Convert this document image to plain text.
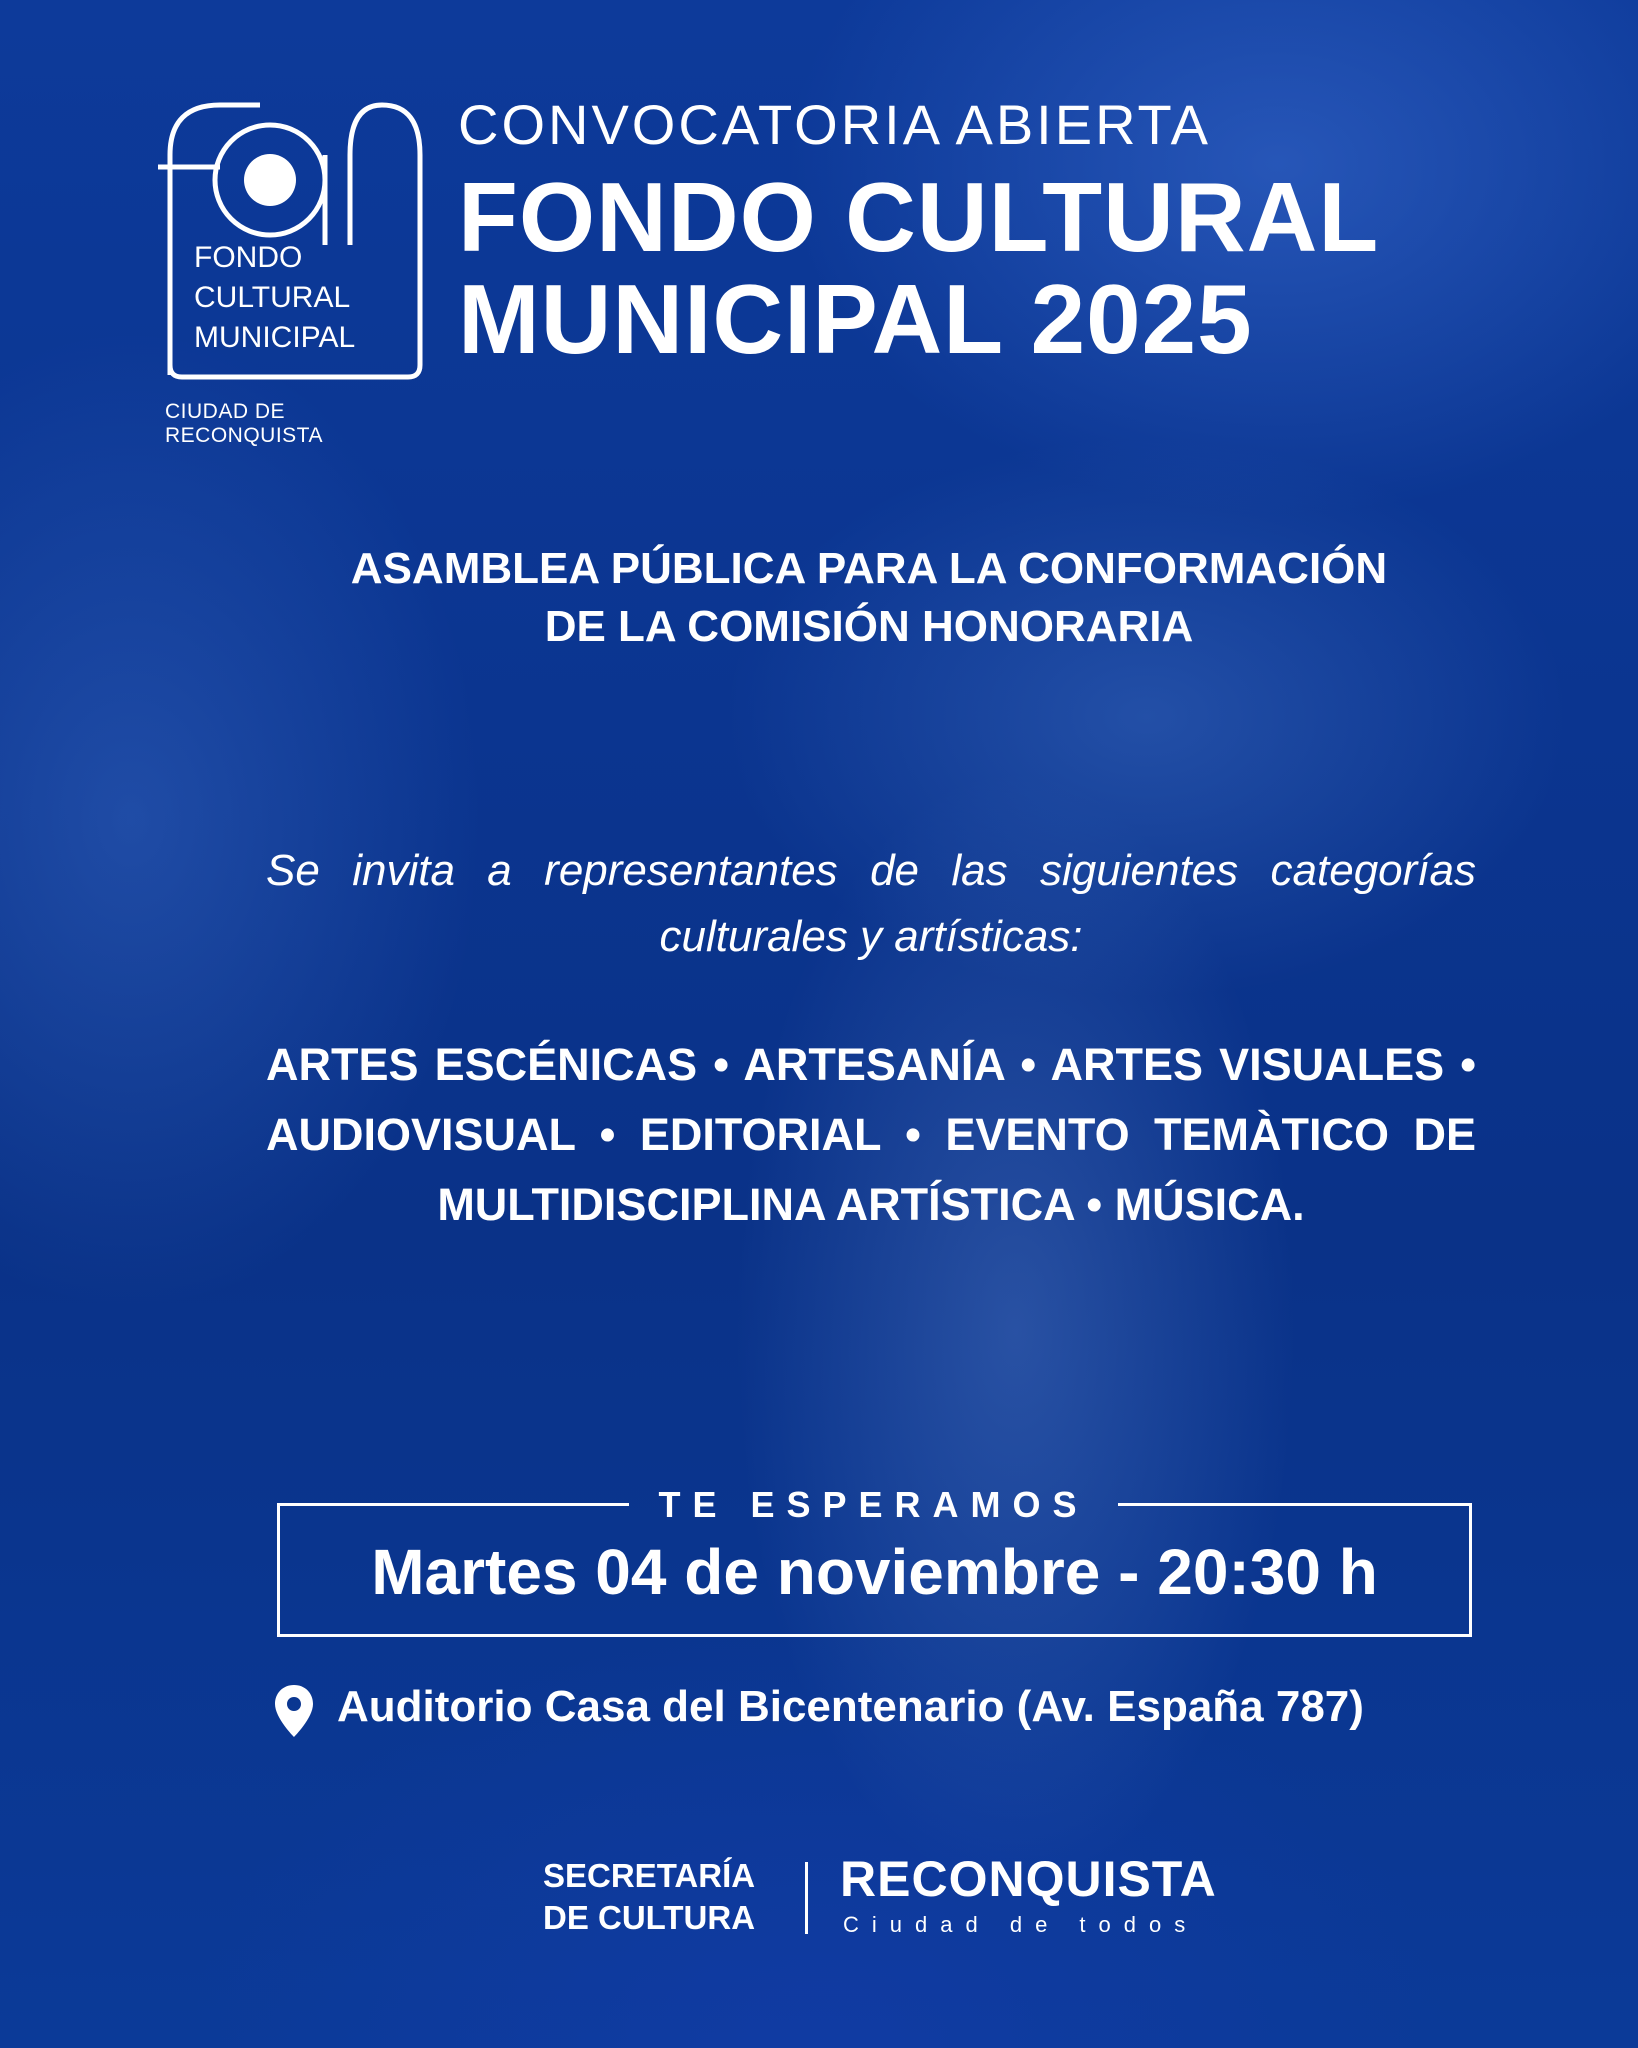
FONDO
CULTURAL
MUNICIPAL
CIUDAD DE RECONQUISTA
CONVOCATORIA ABIERTA
FONDO CULTURAL
MUNICIPAL 2025
ASAMBLEA PÚBLICA PARA LA CONFORMACIÓN
DE LA COMISIÓN HONORARIA
Se invita a representantes de las siguientes categorías culturales y artísticas:
ARTES ESCÉNICAS • ARTESANÍA • ARTES VISUALES • AUDIOVISUAL • EDITORIAL • EVENTO TEMÀTICO DE MULTIDISCIPLINA ARTÍSTICA • MÚSICA.
TE ESPERAMOS
Martes 04 de noviembre - 20:30 h
Auditorio Casa del Bicentenario (Av. España 787)
SECRETARÍA
DE CULTURA
RECONQUISTA
Ciudad de todos
